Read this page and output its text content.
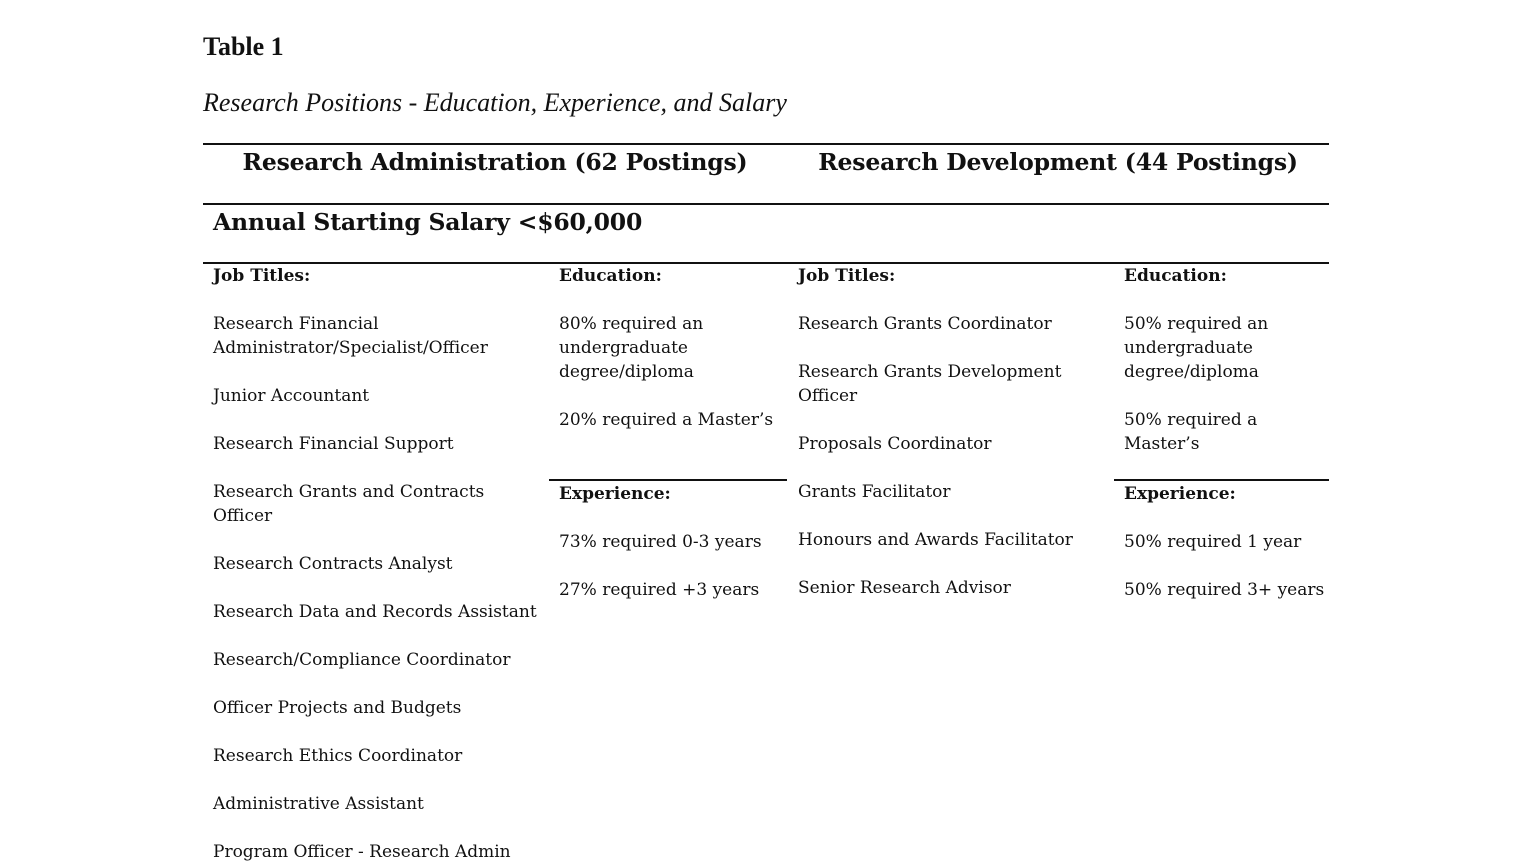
Table 1

Research Positions - Education, Experience, and Salary

Research Administration (62 Postings)	Research Development (44 Postings)
Annual Starting Salary <$60,000
Job Titles:
Research Financial Administrator/Specialist/Officer
Junior Accountant
Research Financial Support
Research Grants and Contracts Officer
Research Contracts Analyst
Research Data and Records Assistant
Research/Compliance Coordinator
Officer Projects and Budgets
Research Ethics Coordinator
Administrative Assistant
Program Officer - Research Admin
Education:
80% required an undergraduate degree/diploma
20% required a Master’s
Experience:
73% required 0-3 years
27% required +3 years
Job Titles:
Research Grants Coordinator
Research Grants Development Officer
Proposals Coordinator
Grants Facilitator
Honours and Awards Facilitator
Senior Research Advisor
Education:
50% required an undergraduate degree/diploma
50% required a Master’s
Experience:
50% required 1 year
50% required 3+ years
